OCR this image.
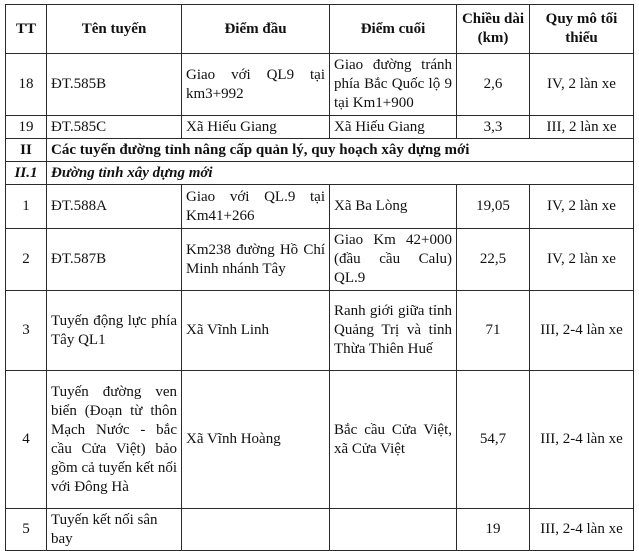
TT	Tên tuyến	Điểm đầu	Điểm cuối	Chiều dài (km)	Quy mô tối thiểu
18	ĐT.585B	Giao với QL9 tại km3+992	Giao đường tránh phía Bắc Quốc lộ 9 tại Km1+900	2,6	IV, 2 làn xe
19	ĐT.585C	Xã Hiếu Giang	Xã Hiếu Giang	3,3	III, 2 làn xe
II	Các tuyến đường tỉnh nâng cấp quản lý, quy hoạch xây dựng mới				
II.1	Đường tỉnh xây dựng mới				
1	ĐT.588A	Giao với QL.9 tại Km41+266	Xã Ba Lòng	19,05	IV, 2 làn xe
2	ĐT.587B	Km238 đường Hồ Chí Minh nhánh Tây	Giao Km 42+000 (đầu cầu Calu) QL.9	22,5	IV, 2 làn xe
3	Tuyến động lực phía Tây QL1	Xã Vĩnh Linh	Ranh giới giữa tỉnh Quảng Trị và tỉnh Thừa Thiên Huế	71	III, 2-4 làn xe
4	Tuyến đường ven biển (Đoạn từ thôn Mạch Nước - bắc cầu Cửa Việt) bảo gồm cả tuyến kết nối với Đông Hà	Xã Vĩnh Hoàng	Bắc cầu Cửa Việt, xã Cửa Việt	54,7	III, 2-4 làn xe
5	Tuyến kết nối sân bay			19	III, 2-4 làn xe
